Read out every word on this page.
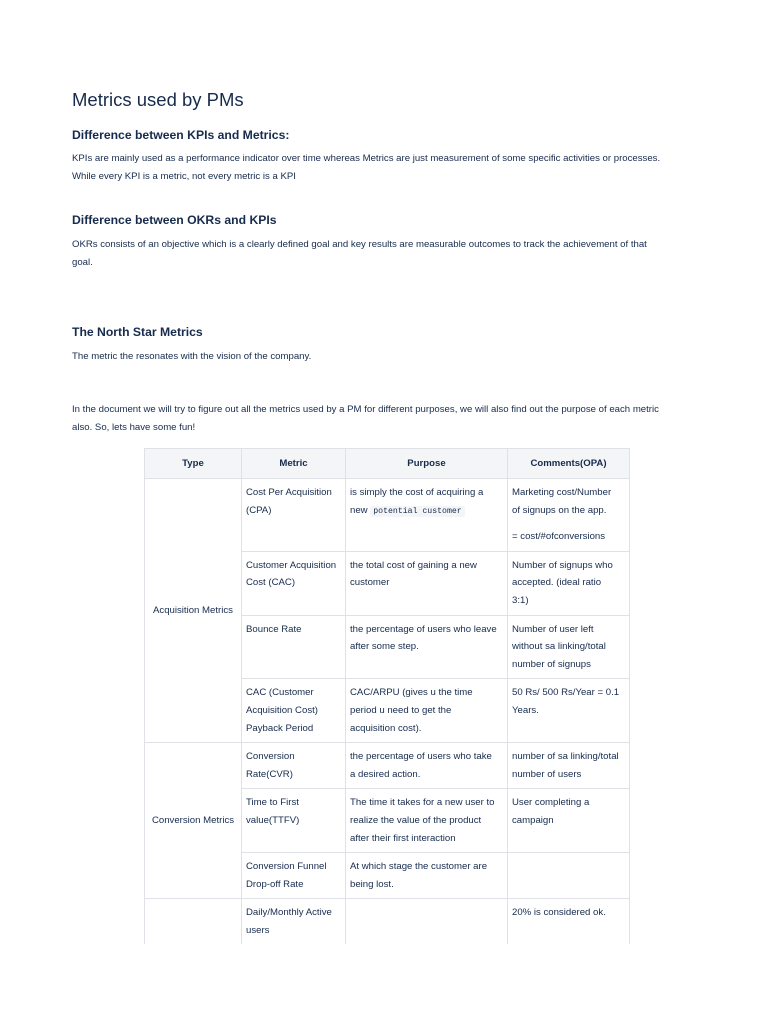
Metrics used by PMs
Difference between KPIs and Metrics:

KPIs are mainly used as a performance indicator over time whereas Metrics are just measurement of some specific activities or processes.
While every KPI is a metric, not every metric is a KPI

Difference between OKRs and KPIs

OKRs consists of an objective which is a clearly defined goal and key results are measurable outcomes to track the achievement of that
goal.

The North Star Metrics

The metric the resonates with the vision of the company.

In the document we will try to figure out all the metrics used by a PM for different purposes, we will also find out the purpose of each metric
also. So, lets have some fun!

Type	Metric	Purpose	Comments(OPA)
Acquisition Metrics	Cost Per Acquisition
(CPA)	is simply the cost of acquiring a
new potential customer	Marketing cost/Number
of signups on the app.
= cost/#ofconversions

	Customer Acquisition
Cost (CAC)	the total cost of gaining a new
customer	Number of signups who
accepted. (ideal ratio
3:1)

	Bounce Rate	the percentage of users who leave
after some step.	Number of user left
without sa linking/total
number of signups

	CAC (Customer
Acquisition Cost)
Payback Period	CAC/ARPU (gives u the time
period u need to get the
acquisition cost).	50 Rs/ 500 Rs/Year = 0.1
Years.

Conversion Metrics	Conversion
Rate(CVR)	the percentage of users who take
a desired action.	number of sa linking/total
number of users

	Time to First
value(TTFV)	The time it takes for a new user to
realize the value of the product
after their first interaction	User completing a
campaign

	Conversion Funnel
Drop-off Rate	At which stage the customer are
being lost.	

	Daily/Monthly Active
users		20% is considered ok.
